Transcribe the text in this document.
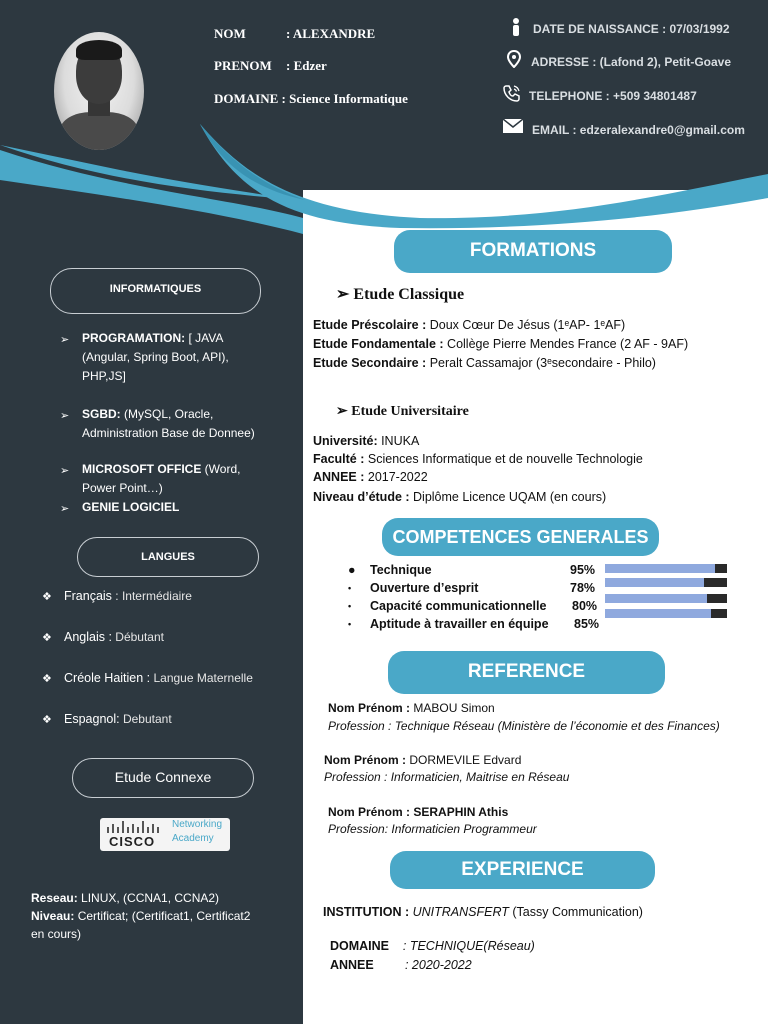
NOM	: ALEXANDRE
PRENOM : Edzer
DOMAINE : Science Informatique
DATE DE NAISSANCE : 07/03/1992
ADRESSE : (Lafond 2), Petit-Goave
TELEPHONE : +509 34801487
EMAIL : edzeralexandre0@gmail.com
INFORMATIQUES
➢ PROGRAMATION: [ JAVA
(Angular, Spring Boot, API),
PHP,JS]
➢ SGBD: (MySQL, Oracle,
Administration Base de Donnee)
➢ MICROSOFT OFFICE (Word,
Power Point…)
➢ GENIE LOGICIEL
LANGUES
❖ Français : Intermédiaire
❖ Anglais : Débutant
❖ Créole Haitien : Langue Maternelle
❖ Espagnol: Debutant
Etude Connexe
CISCO
Networking
Academy
Reseau: LINUX, (CCNA1, CCNA2)
Niveau: Certificat; (Certificat1, Certificat2
en cours)
FORMATIONS
➢ Etude Classique
Etude Préscolaire : Doux Cœur De Jésus (1ᵉAP- 1ᵉAF)
Etude Fondamentale : Collège Pierre Mendes France (2 AF - 9AF)
Etude Secondaire : Peralt Cassamajor (3ᵉsecondaire - Philo)
➢ Etude Universitaire
Université: INUKA
Faculté : Sciences Informatique et de nouvelle Technologie
ANNEE : 2017-2022
Niveau d’étude : Diplôme Licence UQAM (en cours)
COMPETENCES GENERALES
● Technique	95%
• Ouverture d’esprit	78%
• Capacité communicationnelle 80%
• Aptitude à travailler en équipe 85%
REFERENCE
Nom Prénom : MABOU Simon
Profession : Technique Réseau (Ministère de l’économie et des Finances)
Nom Prénom : DORMEVILE Edvard
Profession : Informaticien, Maitrise en Réseau
Nom Prénom : SERAPHIN Athis
Profession: Informaticien Programmeur
EXPERIENCE
INSTITUTION : UNITRANSFERT (Tassy Communication)

DOMAINE    : TECHNIQUE(Réseau)

ANNEE         : 2020-2022
